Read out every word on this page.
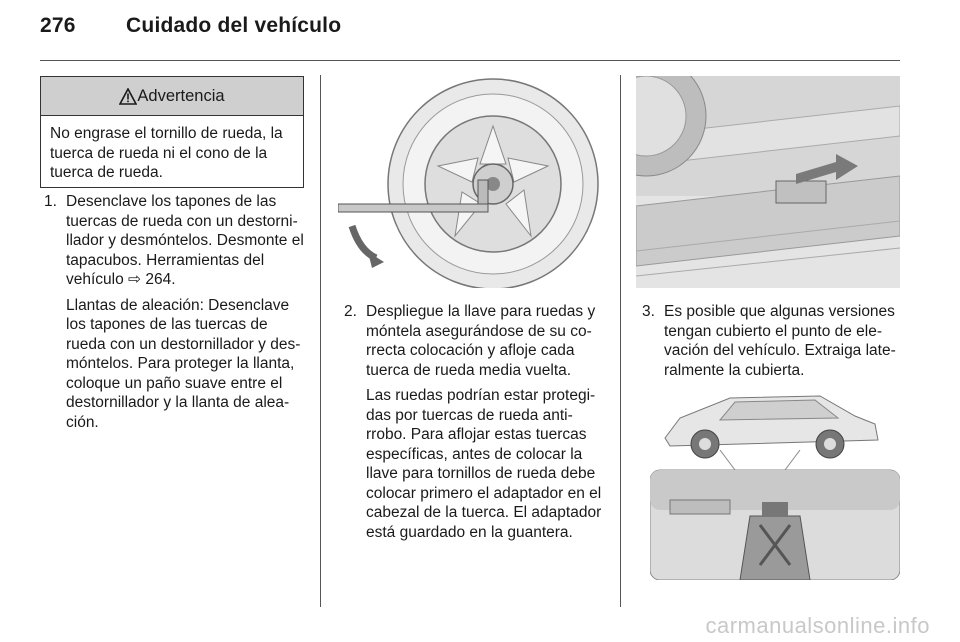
276 Cuidado del vehículo
Advertencia
No engrase el tornillo de rueda, la tuerca de rueda ni el cono de la tuerca de rueda.
1. Desenclave los tapones de las tuercas de rueda con un destorni-llador y desmóntelos. Desmonte el tapacubos. Herramientas del vehículo ⇨ 264.
Llantas de aleación: Desenclave los tapones de las tuercas de rueda con un destornillador y des-móntelos. Para proteger la llanta, coloque un paño suave entre el destornillador y la llanta de alea-ción.
2. Despliegue la llave para ruedas y móntela asegurándose de su co-rrecta colocación y afloje cada tuerca de rueda media vuelta.
Las ruedas podrían estar protegi-das por tuercas de rueda anti-rrobo. Para aflojar estas tuercas específicas, antes de colocar la llave para tornillos de rueda debe colocar primero el adaptador en el cabezal de la tuerca. El adaptador está guardado en la guantera.
3. Es posible que algunas versiones tengan cubierto el punto de ele-vación del vehículo. Extraiga late-ralmente la cubierta.
carmanualsonline.info
